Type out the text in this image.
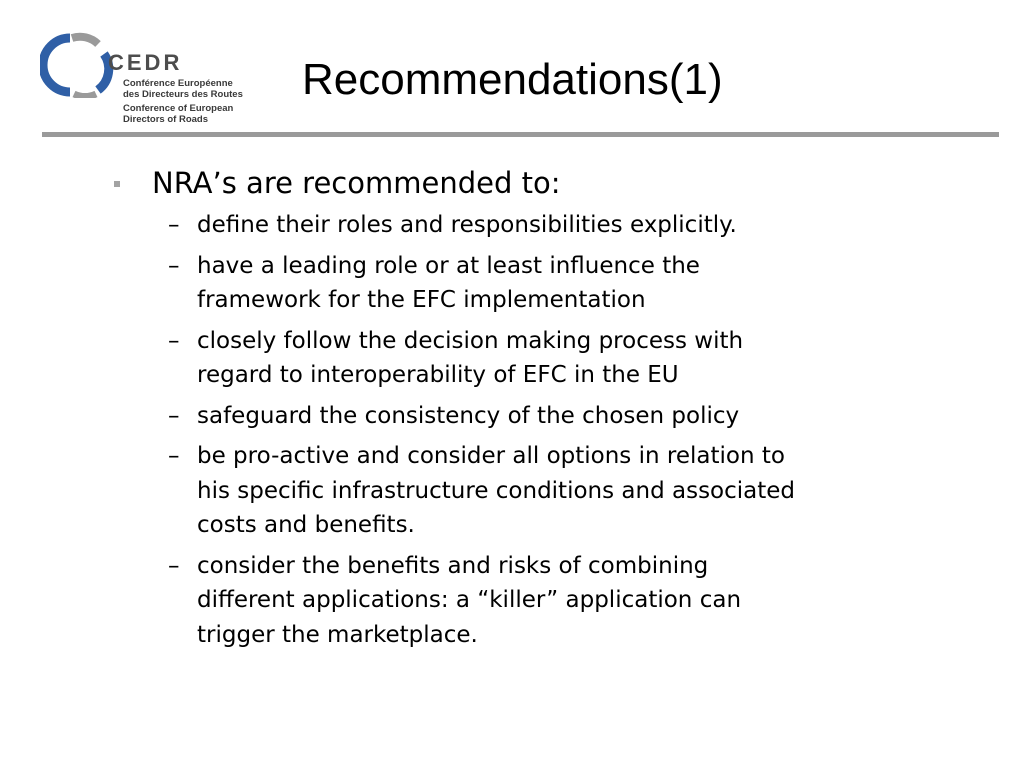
CEDR
Conférence Européenne
des Directeurs des Routes
Conference of European
Directors of Roads
Recommendations(1)
NRA’s are recommended to:
– define their roles and responsibilities explicitly.
– have a leading role or at least influence the
framework for the EFC implementation
– closely follow the decision making process with
regard to interoperability of EFC in the EU
– safeguard the consistency of the chosen policy
– be pro-active and consider all options in relation to
his specific infrastructure conditions and associated
costs and benefits.
– consider the benefits and risks of combining
different applications: a “killer” application can
trigger the marketplace.
